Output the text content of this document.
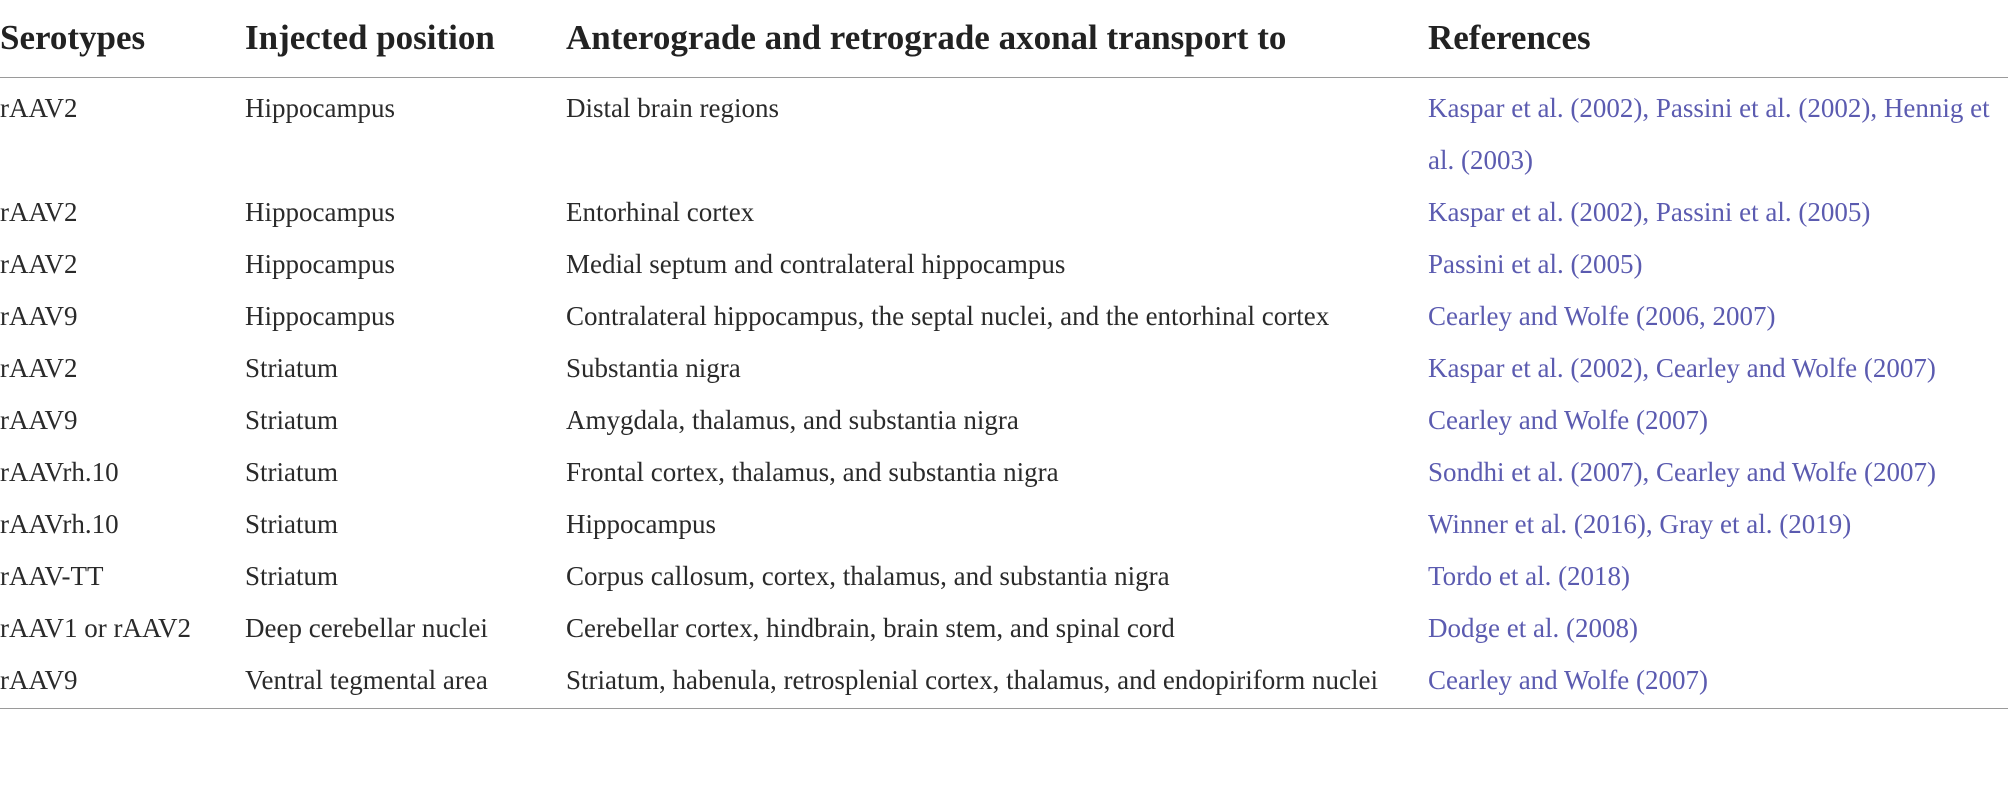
Serotypes	Injected position	Anterograde and retrograde axonal transport to	References
rAAV2	Hippocampus	Distal brain regions	Kaspar et al. (2002), Passini et al. (2002), Hennig et al. (2003)
rAAV2	Hippocampus	Entorhinal cortex	Kaspar et al. (2002), Passini et al. (2005)
rAAV2	Hippocampus	Medial septum and contralateral hippocampus	Passini et al. (2005)
rAAV9	Hippocampus	Contralateral hippocampus, the septal nuclei, and the entorhinal cortex	Cearley and Wolfe (2006, 2007)
rAAV2	Striatum	Substantia nigra	Kaspar et al. (2002), Cearley and Wolfe (2007)
rAAV9	Striatum	Amygdala, thalamus, and substantia nigra	Cearley and Wolfe (2007)
rAAVrh.10	Striatum	Frontal cortex, thalamus, and substantia nigra	Sondhi et al. (2007), Cearley and Wolfe (2007)
rAAVrh.10	Striatum	Hippocampus	Winner et al. (2016), Gray et al. (2019)
rAAV-TT	Striatum	Corpus callosum, cortex, thalamus, and substantia nigra	Tordo et al. (2018)
rAAV1 or rAAV2	Deep cerebellar nuclei	Cerebellar cortex, hindbrain, brain stem, and spinal cord	Dodge et al. (2008)
rAAV9	Ventral tegmental area	Striatum, habenula, retrosplenial cortex, thalamus, and endopiriform nuclei	Cearley and Wolfe (2007)
